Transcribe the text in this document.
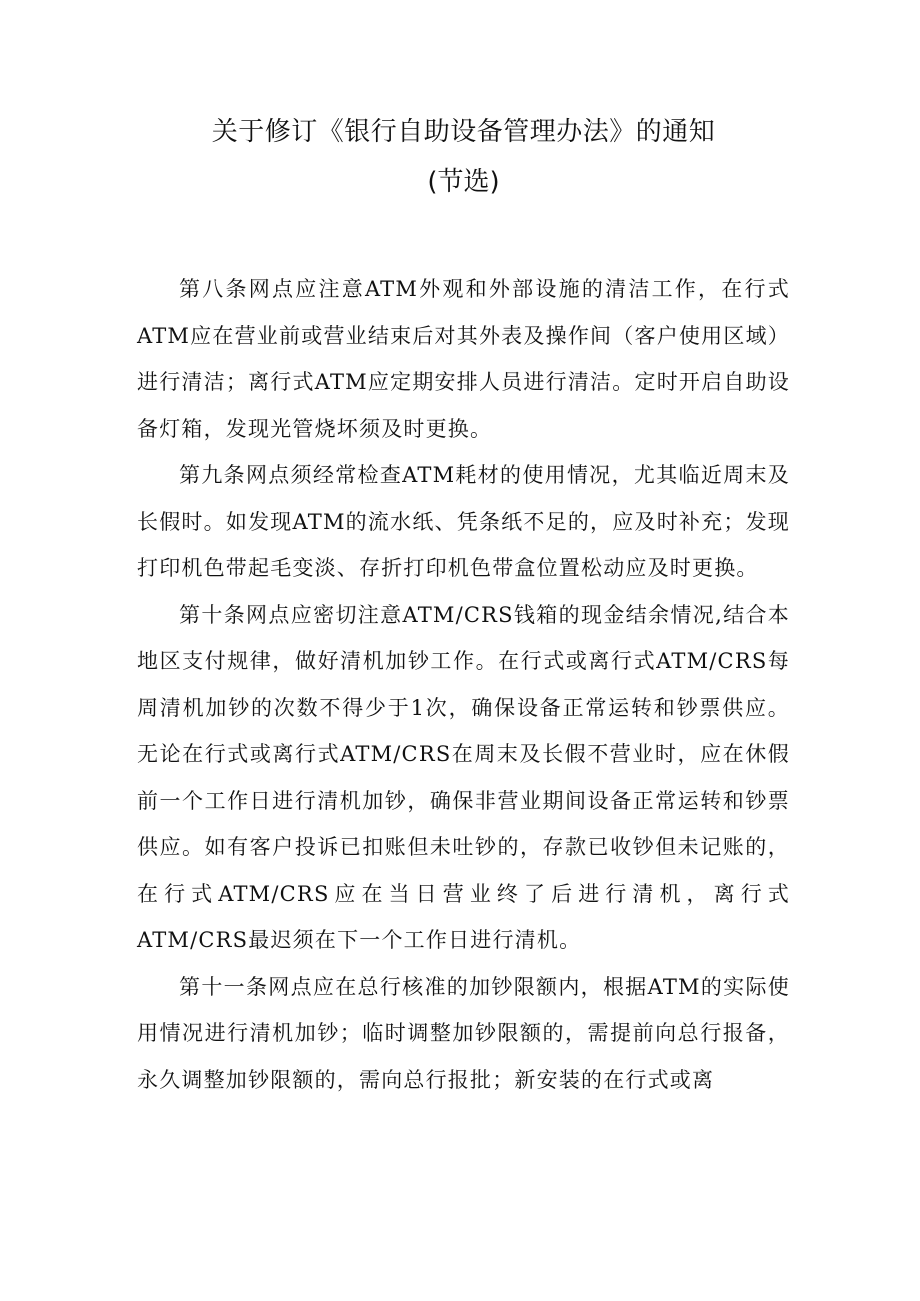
关于修订《银行自助设备管理办法》的通知
(节选)

第八条网点应注意ATM外观和外部设施的清洁工作，在行式ATM应在营业前或营业结束后对其外表及操作间（客户使用区域）进行清洁；离行式ATM应定期安排人员进行清洁。定时开启自助设备灯箱，发现光管烧坏须及时更换。

第九条网点须经常检查ATM耗材的使用情况，尤其临近周末及长假时。如发现ATM的流水纸、凭条纸不足的，应及时补充；发现打印机色带起毛变淡、存折打印机色带盒位置松动应及时更换。

第十条网点应密切注意ATM/CRS钱箱的现金结余情况,结合本地区支付规律，做好清机加钞工作。在行式或离行式ATM/CRS每周清机加钞的次数不得少于1次，确保设备正常运转和钞票供应。无论在行式或离行式ATM/CRS在周末及长假不营业时，应在休假前一个工作日进行清机加钞，确保非营业期间设备正常运转和钞票供应。如有客户投诉已扣账但未吐钞的，存款已收钞但未记账的，在行式ATM/CRS应在当日营业终了后进行清机，离行式ATM/CRS最迟须在下一个工作日进行清机。

第十一条网点应在总行核准的加钞限额内，根据ATM的实际使用情况进行清机加钞；临时调整加钞限额的，需提前向总行报备，永久调整加钞限额的，需向总行报批；新安装的在行式或离
